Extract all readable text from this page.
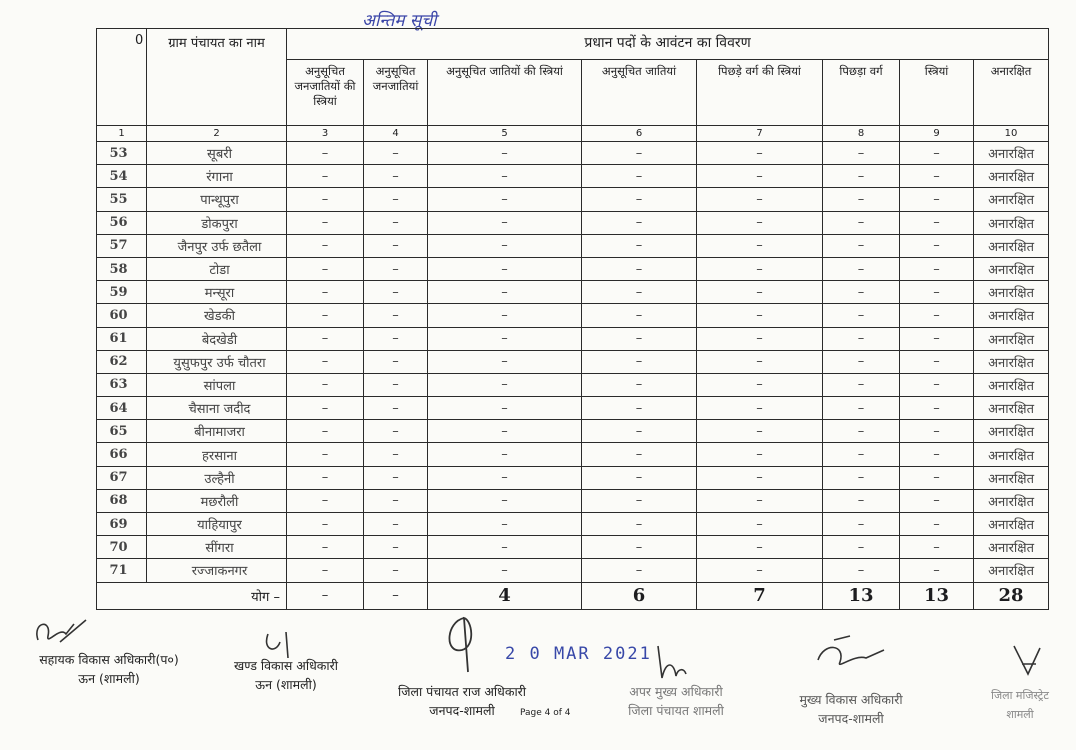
अन्तिम सूची
0	ग्राम पंचायत का नाम	प्रधान पदों के आवंटन का विवरण							
		अनुसूचित जनजातियों की स्त्रियां	अनुसूचित जनजातियां	अनुसूचित जातियों की स्त्रियां	अनुसूचित जातियां	पिछड़े वर्ग की स्त्रियां	पिछड़ा वर्ग	स्त्रियां	अनारक्षित
1	2	3	4	5	6	7	8	9	10
53	सूबरी	–	–	–	–	–	–	–	अनारक्षित
54	रंगाना	–	–	–	–	–	–	–	अनारक्षित
55	पान्थूपुरा	–	–	–	–	–	–	–	अनारक्षित
56	डोकपुरा	–	–	–	–	–	–	–	अनारक्षित
57	जैनपुर उर्फ छतैला	–	–	–	–	–	–	–	अनारक्षित
58	टोडा	–	–	–	–	–	–	–	अनारक्षित
59	मन्सूरा	–	–	–	–	–	–	–	अनारक्षित
60	खेडकी	–	–	–	–	–	–	–	अनारक्षित
61	बेदखेडी	–	–	–	–	–	–	–	अनारक्षित
62	युसुफपुर उर्फ चौतरा	–	–	–	–	–	–	–	अनारक्षित
63	सांपला	–	–	–	–	–	–	–	अनारक्षित
64	चैसाना जदीद	–	–	–	–	–	–	–	अनारक्षित
65	बीनामाजरा	–	–	–	–	–	–	–	अनारक्षित
66	हरसाना	–	–	–	–	–	–	–	अनारक्षित
67	उल्हैनी	–	–	–	–	–	–	–	अनारक्षित
68	मछरौली	–	–	–	–	–	–	–	अनारक्षित
69	याहियापुर	–	–	–	–	–	–	–	अनारक्षित
70	सींगरा	–	–	–	–	–	–	–	अनारक्षित
71	रज्जाकनगर	–	–	–	–	–	–	–	अनारक्षित
योग –		–	–	4	6	7	13	13	28
2 0 MAR 2021
सहायक विकास अधिकारी(प०)
ऊन (शामली)
खण्ड विकास अधिकारी
ऊन (शामली)	जिला पंचायत राज अधिकारी
जनपद-शामली	Page 4 of 4
अपर मुख्य अधिकारी
जिला पंचायत शामली
मुख्य विकास अधिकारी
जनपद-शामली
जिला मजिस्ट्रेट
शामली
